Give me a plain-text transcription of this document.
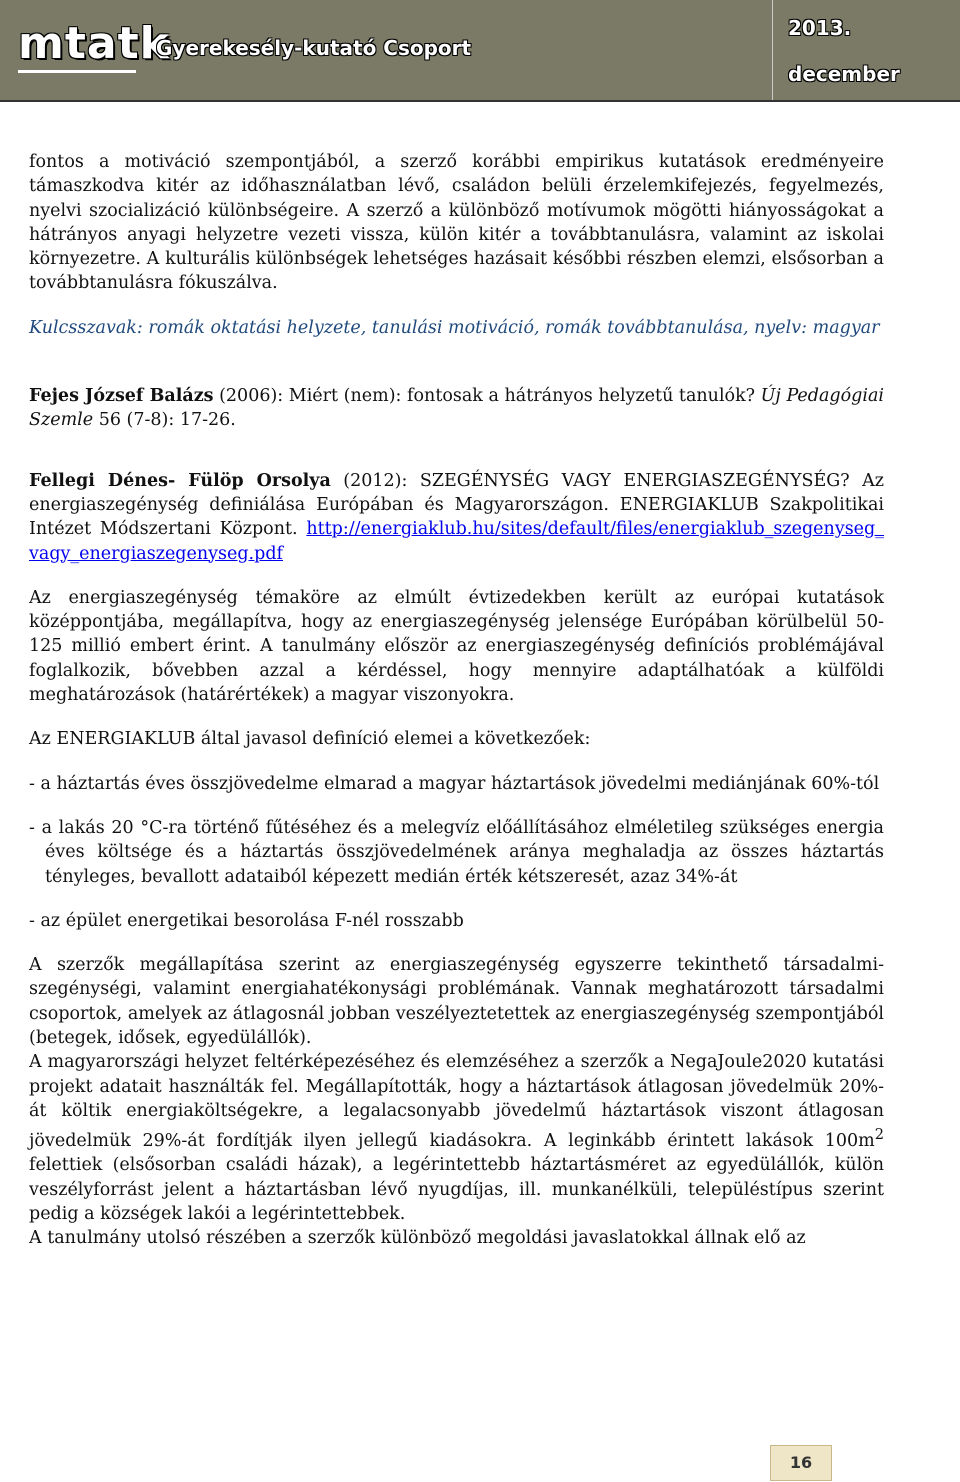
mtatk
Gyerekesély-kutató Csoport
2013.
december

fontos a motiváció szempontjából, a szerző korábbi empirikus kutatások eredményeire támaszkodva kitér az időhasználatban lévő, családon belüli érzelemkifejezés, fegyelmezés, nyelvi szocializáció különbségeire. A szerző a különböző motívumok mögötti hiányosságokat a hátrányos anyagi helyzetre vezeti vissza, külön kitér a továbbtanulásra, valamint az iskolai környezetre. A kulturális különbségek lehetséges hazásait későbbi részben elemzi, elsősorban a továbbtanulásra fókuszálva.

Kulcsszavak: romák oktatási helyzete, tanulási motiváció, romák továbbtanulása, nyelv: magyar

Fejes József Balázs (2006): Miért (nem): fontosak a hátrányos helyzetű tanulók? Új Pedagógiai Szemle 56 (7-8): 17-26.

Fellegi Dénes- Fülöp Orsolya (2012): SZEGÉNYSÉG VAGY ENERGIASZEGÉNYSÉG? Az energiaszegénység definiálása Európában és Magyarországon. ENERGIAKLUB Szakpolitikai Intézet Módszertani Központ. http://energiaklub.hu/sites/default/files/energiaklub_szegenyseg_vagy_energiaszegenyseg.pdf

Az energiaszegénység témaköre az elmúlt évtizedekben került az európai kutatások középpontjába, megállapítva, hogy az energiaszegénység jelensége Európában körülbelül 50-125 millió embert érint. A tanulmány először az energiaszegénység definíciós problémájával foglalkozik, bővebben azzal a kérdéssel, hogy mennyire adaptálhatóak a külföldi meghatározások (határértékek) a magyar viszonyokra.

Az ENERGIAKLUB által javasol definíció elemei a következőek:

- a háztartás éves összjövedelme elmarad a magyar háztartások jövedelmi mediánjának 60%-tól

- a lakás 20 °C-ra történő fűtéséhez és a melegvíz előállításához elméletileg szükséges energia éves költsége és a háztartás összjövedelmének aránya meghaladja az összes háztartás tényleges, bevallott adataiból képezett medián érték kétszeresét, azaz 34%-át

- az épület energetikai besorolása F-nél rosszabb

A szerzők megállapítása szerint az energiaszegénység egyszerre tekinthető társadalmi-szegénységi, valamint energiahatékonysági problémának. Vannak meghatározott társadalmi csoportok, amelyek az átlagosnál jobban veszélyeztetettek az energiaszegénység szempontjából (betegek, idősek, egyedülállók).

A magyarországi helyzet feltérképezéséhez és elemzéséhez a szerzők a NegaJoule2020 kutatási projekt adatait használták fel. Megállapították, hogy a háztartások átlagosan jövedelmük 20%-át költik energiaköltségekre, a legalacsonyabb jövedelmű háztartások viszont átlagosan jövedelmük 29%-át fordítják ilyen jellegű kiadásokra. A leginkább érintett lakások $100m^2$ felettiek (elsősorban családi házak), a legérintettebb háztartásméret az egyedülállók, külön veszélyforrást jelent a háztartásban lévő nyugdíjas, ill. munkanélküli, településtípus szerint pedig a községek lakói a legérintettebbek.

A tanulmány utolsó részében a szerzők különböző megoldási javaslatokkal állnak elő az

16
